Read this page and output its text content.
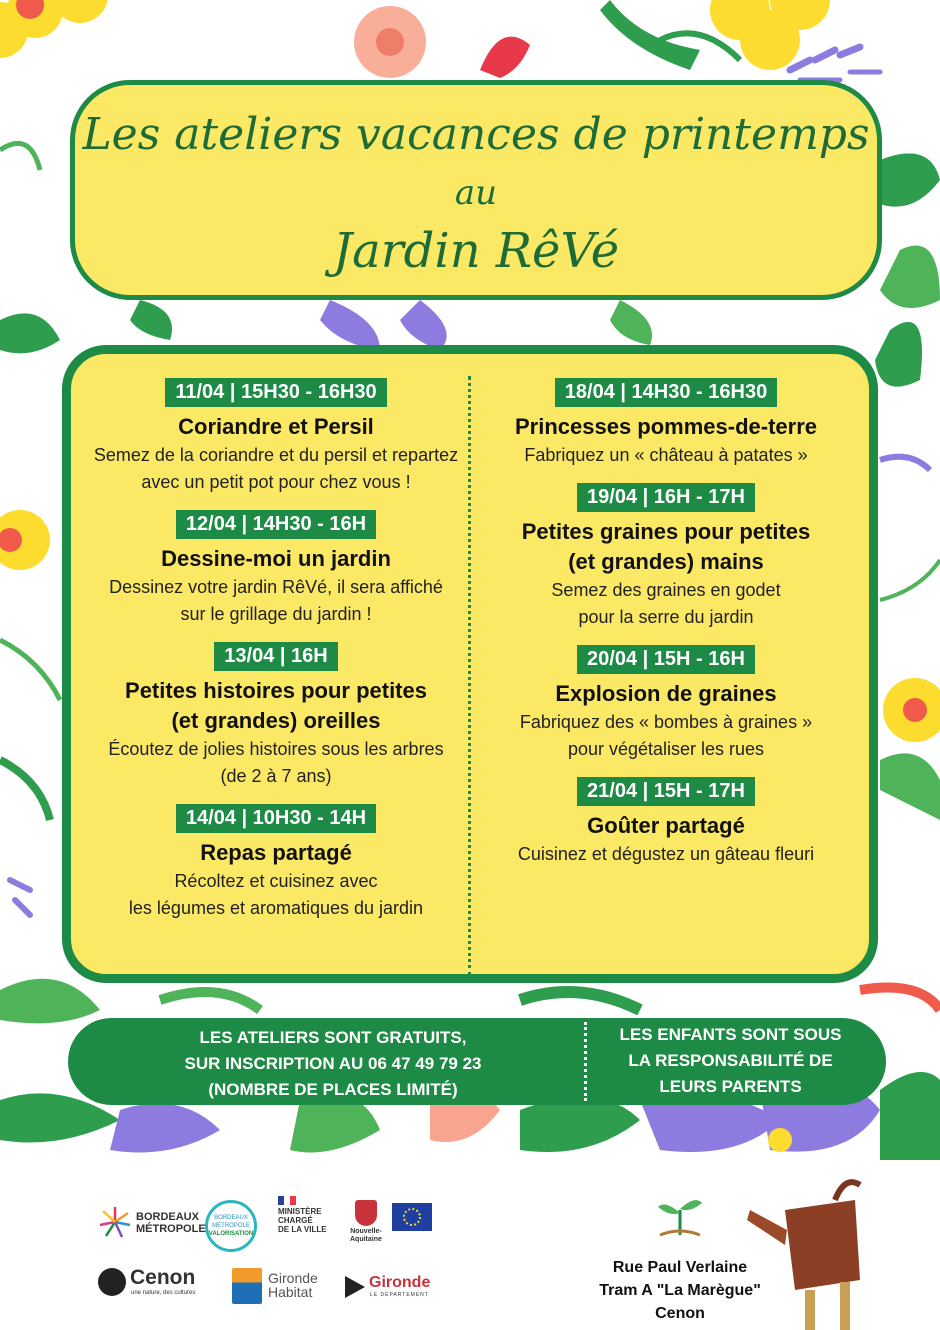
Les ateliers vacances de printemps
au
Jardin RêVé
11/04 | 15H30 - 16H30
Coriandre et Persil
Semez de la coriandre et du persil et repartez
avec un petit pot pour chez vous !
12/04 | 14H30 - 16H
Dessine-moi un jardin
Dessinez votre jardin RêVé, il sera affiché
sur le grillage du jardin !
13/04 | 16H
Petites histoires pour petites
(et grandes) oreilles
Écoutez de jolies histoires sous les arbres
(de 2 à 7 ans)
14/04 | 10H30 - 14H
Repas partagé
Récoltez et cuisinez avec
les légumes et aromatiques du jardin
18/04 | 14H30 - 16H30
Princesses pommes-de-terre
Fabriquez un « château à patates »
19/04 | 16H - 17H
Petites graines pour petites
(et grandes) mains
Semez des graines en godet
pour la serre du jardin
20/04 | 15H - 16H
Explosion de graines
Fabriquez des « bombes à graines »
pour végétaliser les rues
21/04 | 15H - 17H
Goûter partagé
Cuisinez et dégustez un gâteau fleuri
LES ATELIERS SONT GRATUITS,
SUR INSCRIPTION AU 06 47 49 79 23
(NOMBRE DE PLACES LIMITÉ)
LES ENFANTS SONT SOUS
LA RESPONSABILITÉ DE
LEURS PARENTS
BORDEAUX
MÉTROPOLE
BORDEAUX
MÉTROPOLE
VALORISATION
MINISTÈRE
CHARGÉ
DE LA VILLE	Nouvelle-
Aquitaine
Cenon
une nature, des cultures
Gironde
Habitat
Gironde
LE DÉPARTEMENT
Rue Paul Verlaine
Tram A "La Marègue"
Cenon
